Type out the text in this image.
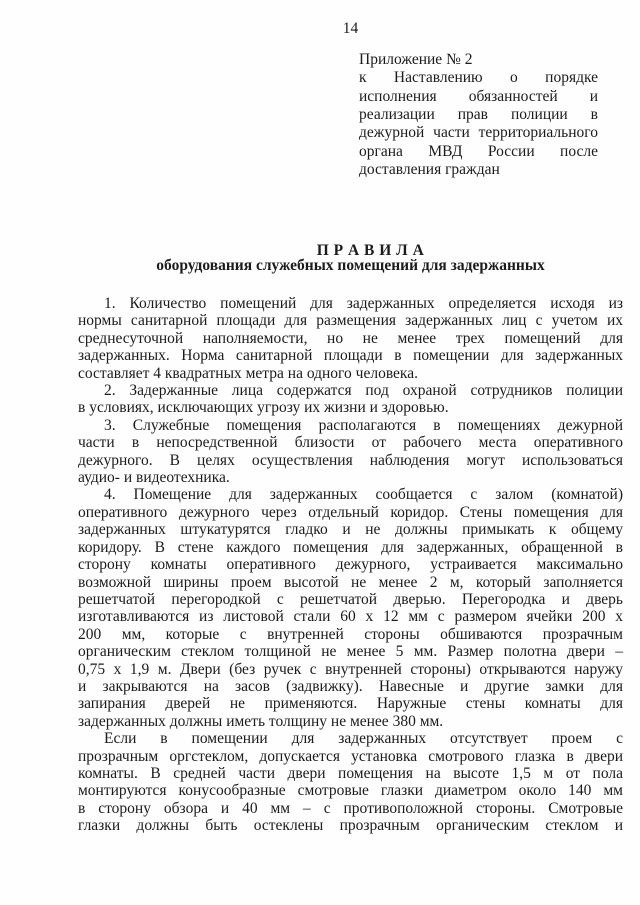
14
Приложение № 2
к Наставлению о порядке
исполнения обязанностей и
реализации прав полиции в
дежурной части территориального
органа МВД России после
доставления граждан
П Р А В И Л А
оборудования служебных помещений для задержанных
1. Количество помещений для задержанных определяется исходя из
нормы санитарной площади для размещения задержанных лиц с учетом их
среднесуточной наполняемости, но не менее трех помещений для
задержанных. Норма санитарной площади в помещении для задержанных
составляет 4 квадратных метра на одного человека.
2. Задержанные лица содержатся под охраной сотрудников полиции
в условиях, исключающих угрозу их жизни и здоровью.
3. Служебные помещения располагаются в помещениях дежурной
части в непосредственной близости от рабочего места оперативного
дежурного. В целях осуществления наблюдения могут использоваться
аудио- и видеотехника.
4. Помещение для задержанных сообщается с залом (комнатой)
оперативного дежурного через отдельный коридор. Стены помещения для
задержанных штукатурятся гладко и не должны примыкать к общему
коридору. В стене каждого помещения для задержанных, обращенной в
сторону комнаты оперативного дежурного, устраивается максимально
возможной ширины проем высотой не менее 2 м, который заполняется
решетчатой перегородкой с решетчатой дверью. Перегородка и дверь
изготавливаются из листовой стали 60 х 12 мм с размером ячейки 200 х
200 мм, которые с внутренней стороны обшиваются прозрачным
органическим стеклом толщиной не менее 5 мм. Размер полотна двери –
0,75 х 1,9 м. Двери (без ручек с внутренней стороны) открываются наружу
и закрываются на засов (задвижку). Навесные и другие замки для
запирания дверей не применяются. Наружные стены комнаты для
задержанных должны иметь толщину не менее 380 мм.
Если в помещении для задержанных отсутствует проем с
прозрачным оргстеклом, допускается установка смотрового глазка в двери
комнаты. В средней части двери помещения на высоте 1,5 м от пола
монтируются конусообразные смотровые глазки диаметром около 140 мм
в сторону обзора и 40 мм – с противоположной стороны. Смотровые
глазки должны быть остеклены прозрачным органическим стеклом и
